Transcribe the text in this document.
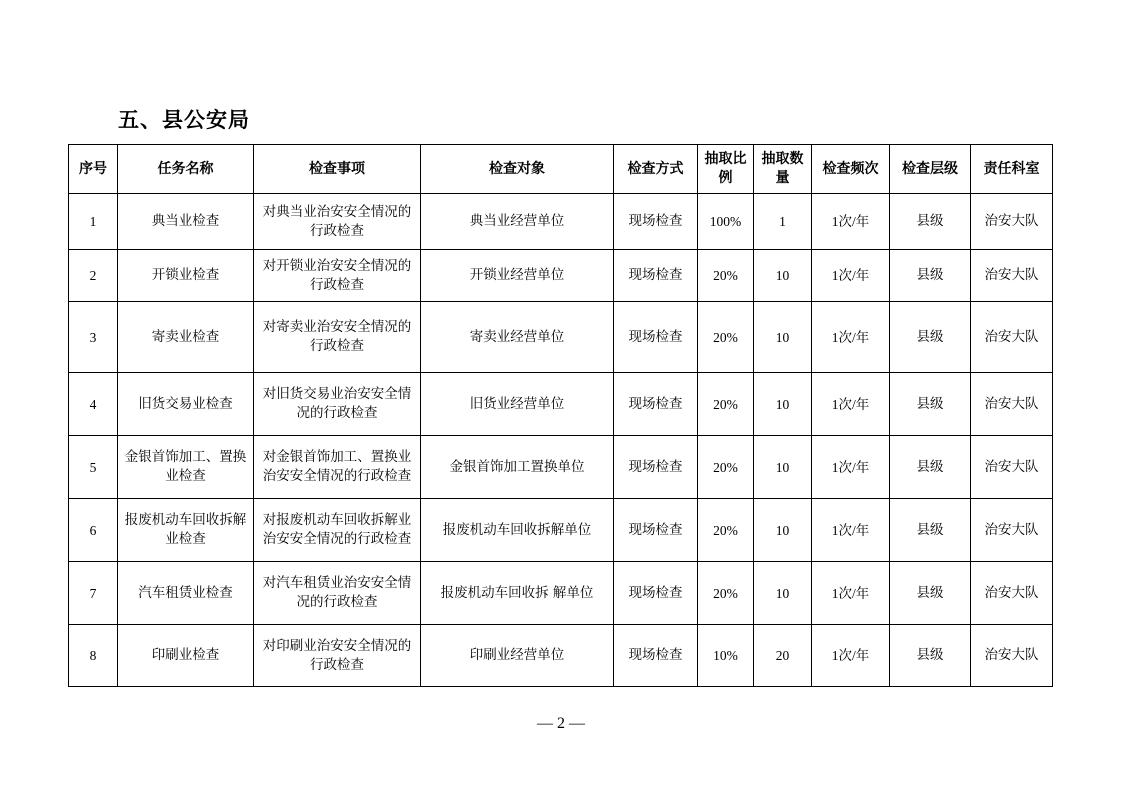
五、县公安局
序号	任务名称	检查事项	检查对象	检查方式	抽取比例	抽取数量	检查频次	检查层级	责任科室
1	典当业检查	对典当业治安安全情况的行政检查	典当业经营单位	现场检查	100%	1	1次/年	县级	治安大队
2	开锁业检查	对开锁业治安安全情况的行政检查	开锁业经营单位	现场检查	20%	10	1次/年	县级	治安大队
3	寄卖业检查	对寄卖业治安安全情况的行政检查	寄卖业经营单位	现场检查	20%	10	1次/年	县级	治安大队
4	旧货交易业检查	对旧货交易业治安安全情况的行政检查	旧货业经营单位	现场检查	20%	10	1次/年	县级	治安大队
5	金银首饰加工、置换业检查	对金银首饰加工、置换业治安安全情况的行政检查	金银首饰加工置换单位	现场检查	20%	10	1次/年	县级	治安大队
6	报废机动车回收拆解业检查	对报废机动车回收拆解业治安安全情况的行政检查	报废机动车回收拆解单位	现场检查	20%	10	1次/年	县级	治安大队
7	汽车租赁业检查	对汽车租赁业治安安全情况的行政检查	报废机动车回收拆 解单位	现场检查	20%	10	1次/年	县级	治安大队
8	印刷业检查	对印刷业治安安全情况的行政检查	印刷业经营单位	现场检查	10%	20	1次/年	县级	治安大队
— 2 —
